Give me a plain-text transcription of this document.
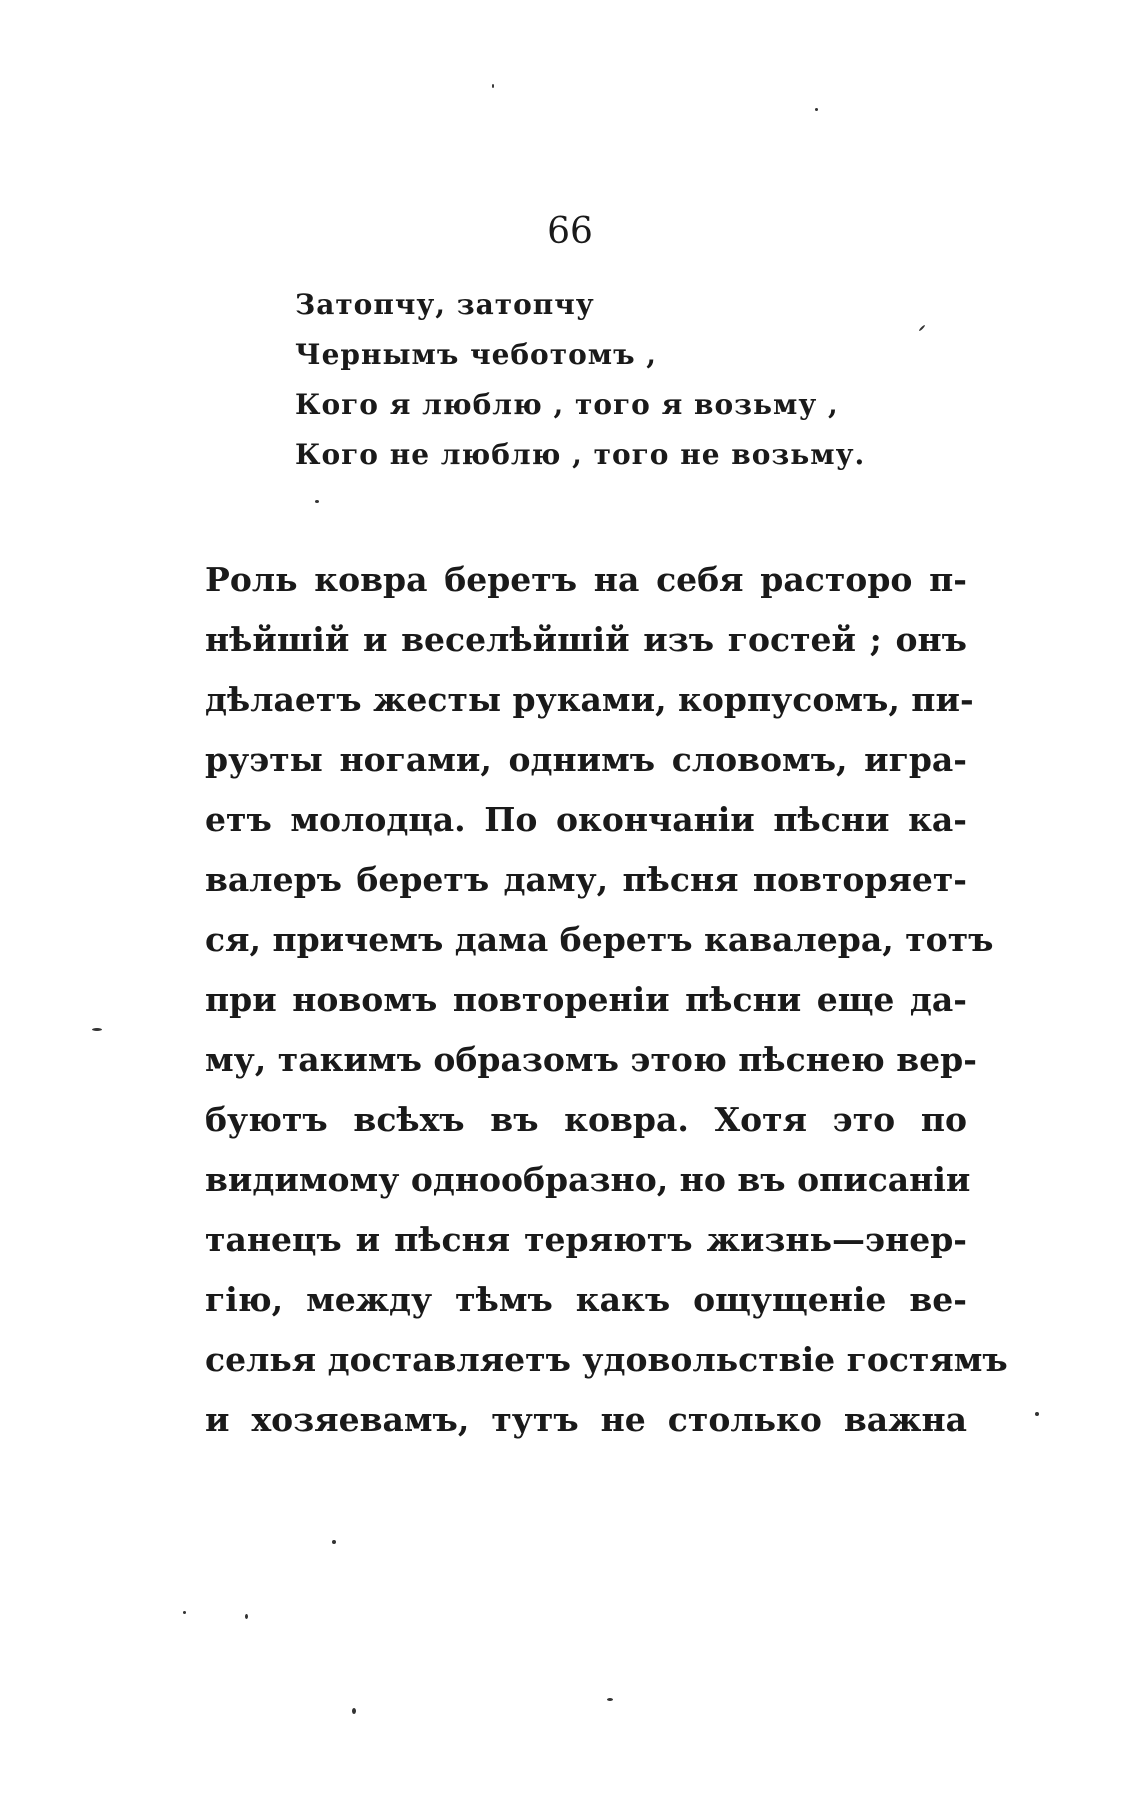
66
Затопчу, затопчу
Чернымъ чеботомъ ,
Кого я люблю , того я возьму ,
Кого не люблю , того не возьму.
Роль ковра беретъ на себя расторо п-
нѣйшій и веселѣйшій изъ гостей ; онъ
дѣлаетъ жесты руками, корпусомъ, пи-
руэты ногами, однимъ словомъ, игра-
етъ молодца. По окончаніи пѣсни ка-
валеръ беретъ даму, пѣсня повторяет-
ся, причемъ дама беретъ кавалера, тотъ
при новомъ повтореніи пѣсни еще да-
му, такимъ образомъ этою пѣснею вер-
буютъ всѣхъ въ ковра. Хотя это по
видимому однообразно, но въ описаніи
танецъ и пѣсня теряютъ жизнь—энер-
гію, между тѣмъ какъ ощущеніе ве-
селья доставляетъ удовольствіе гостямъ
и хозяевамъ, тутъ не столько важна
